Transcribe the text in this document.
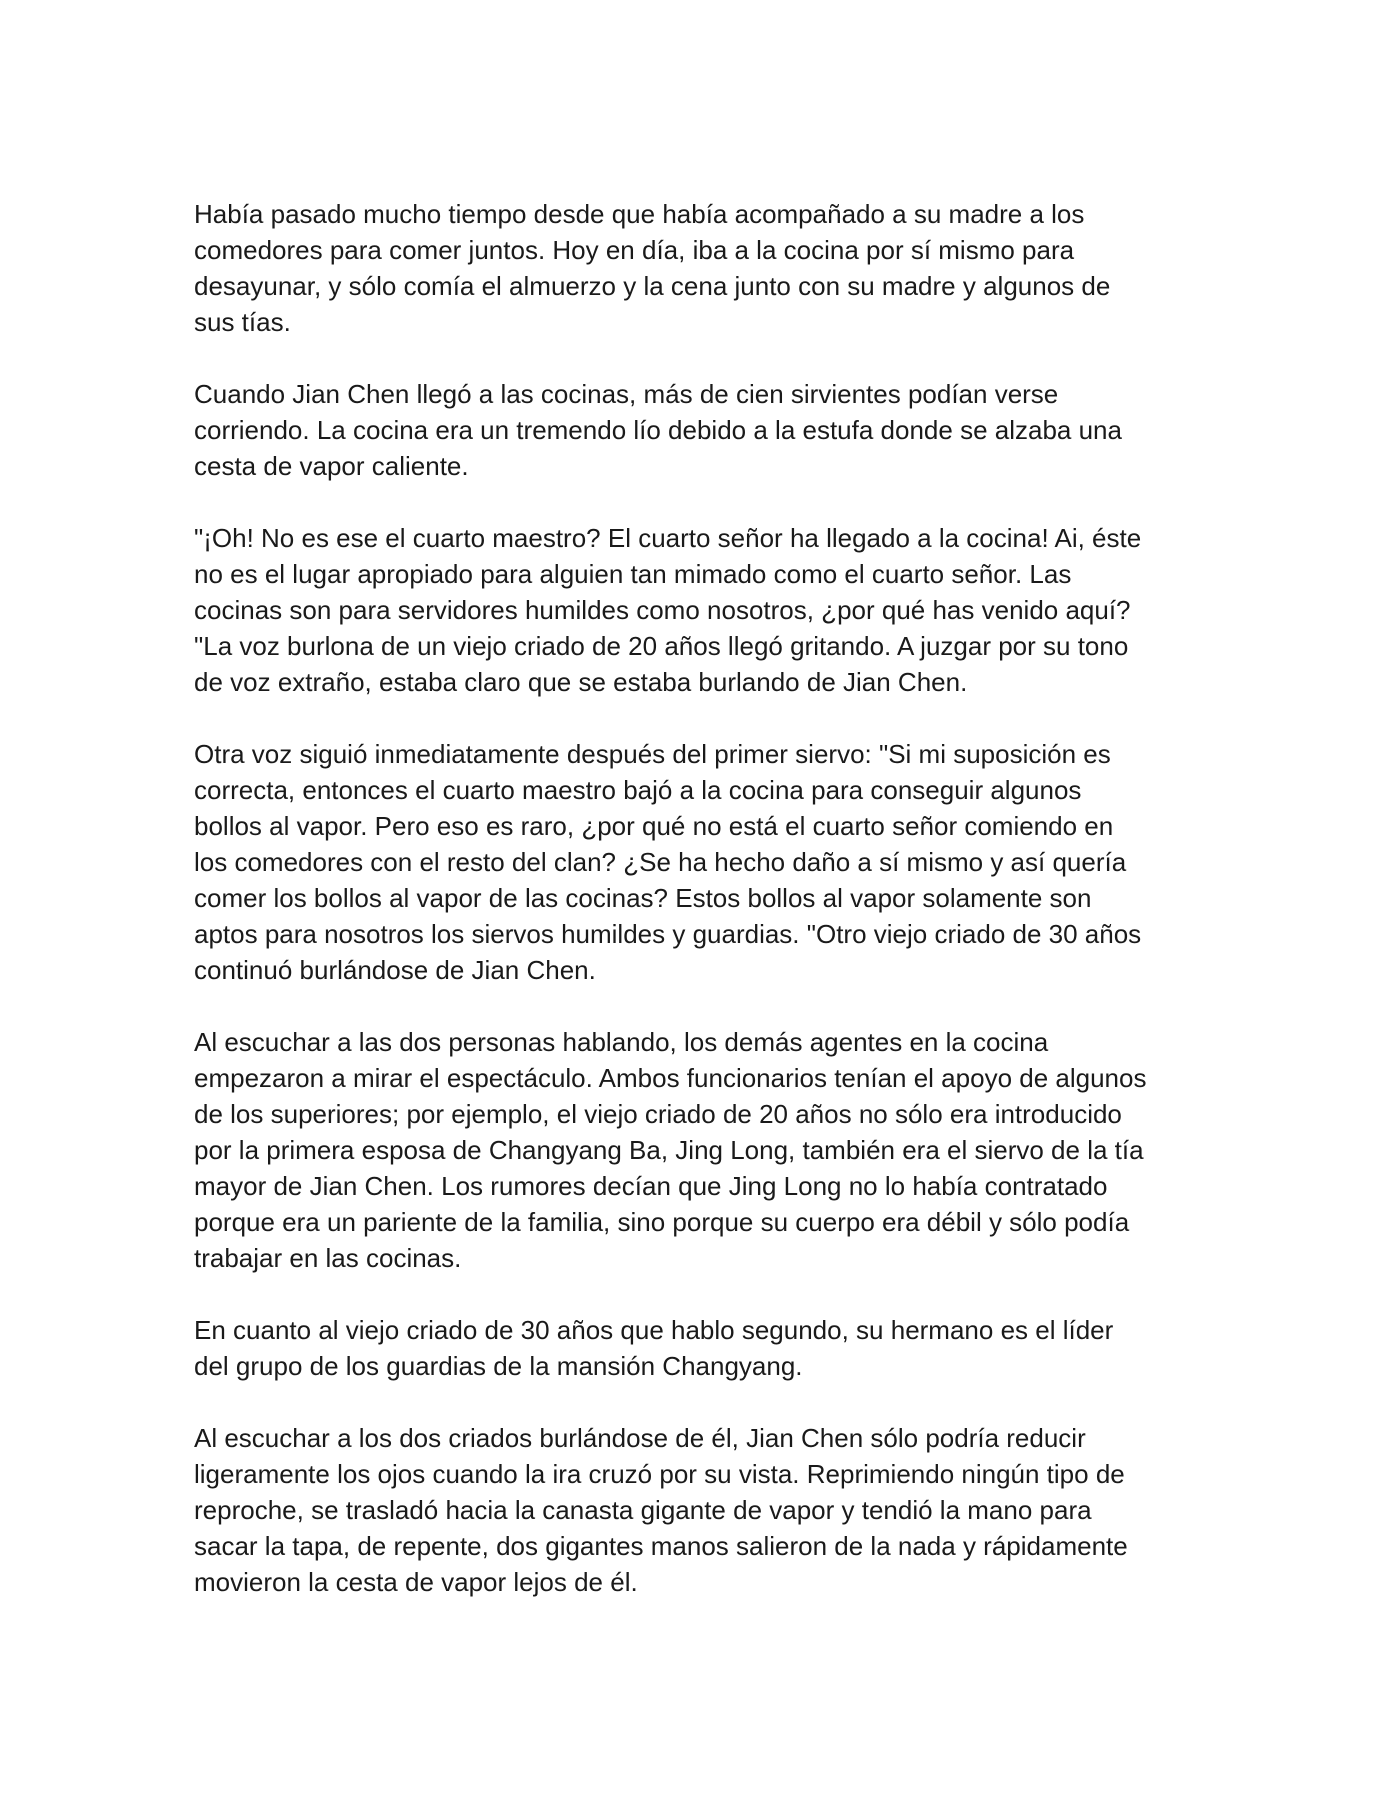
Había pasado mucho tiempo desde que había acompañado a su madre a los
comedores para comer juntos. Hoy en día, iba a la cocina por sí mismo para
desayunar, y sólo comía el almuerzo y la cena junto con su madre y algunos de
sus tías.

Cuando Jian Chen llegó a las cocinas, más de cien sirvientes podían verse
corriendo. La cocina era un tremendo lío debido a la estufa donde se alzaba una
cesta de vapor caliente.

"¡Oh! No es ese el cuarto maestro? El cuarto señor ha llegado a la cocina! Ai, éste
no es el lugar apropiado para alguien tan mimado como el cuarto señor. Las
cocinas son para servidores humildes como nosotros, ¿por qué has venido aquí?
"La voz burlona de un viejo criado de 20 años llegó gritando. A juzgar por su tono
de voz extraño, estaba claro que se estaba burlando de Jian Chen.

Otra voz siguió inmediatamente después del primer siervo: "Si mi suposición es
correcta, entonces el cuarto maestro bajó a la cocina para conseguir algunos
bollos al vapor. Pero eso es raro, ¿por qué no está el cuarto señor comiendo en
los comedores con el resto del clan? ¿Se ha hecho daño a sí mismo y así quería
comer los bollos al vapor de las cocinas? Estos bollos al vapor solamente son
aptos para nosotros los siervos humildes y guardias. "Otro viejo criado de 30 años
continuó burlándose de Jian Chen.

Al escuchar a las dos personas hablando, los demás agentes en la cocina
empezaron a mirar el espectáculo. Ambos funcionarios tenían el apoyo de algunos
de los superiores; por ejemplo, el viejo criado de 20 años no sólo era introducido
por la primera esposa de Changyang Ba, Jing Long, también era el siervo de la tía
mayor de Jian Chen. Los rumores decían que Jing Long no lo había contratado
porque era un pariente de la familia, sino porque su cuerpo era débil y sólo podía
trabajar en las cocinas.

En cuanto al viejo criado de 30 años que hablo segundo, su hermano es el líder
del grupo de los guardias de la mansión Changyang.

Al escuchar a los dos criados burlándose de él, Jian Chen sólo podría reducir
ligeramente los ojos cuando la ira cruzó por su vista. Reprimiendo ningún tipo de
reproche, se trasladó hacia la canasta gigante de vapor y tendió la mano para
sacar la tapa, de repente, dos gigantes manos salieron de la nada y rápidamente
movieron la cesta de vapor lejos de él.
